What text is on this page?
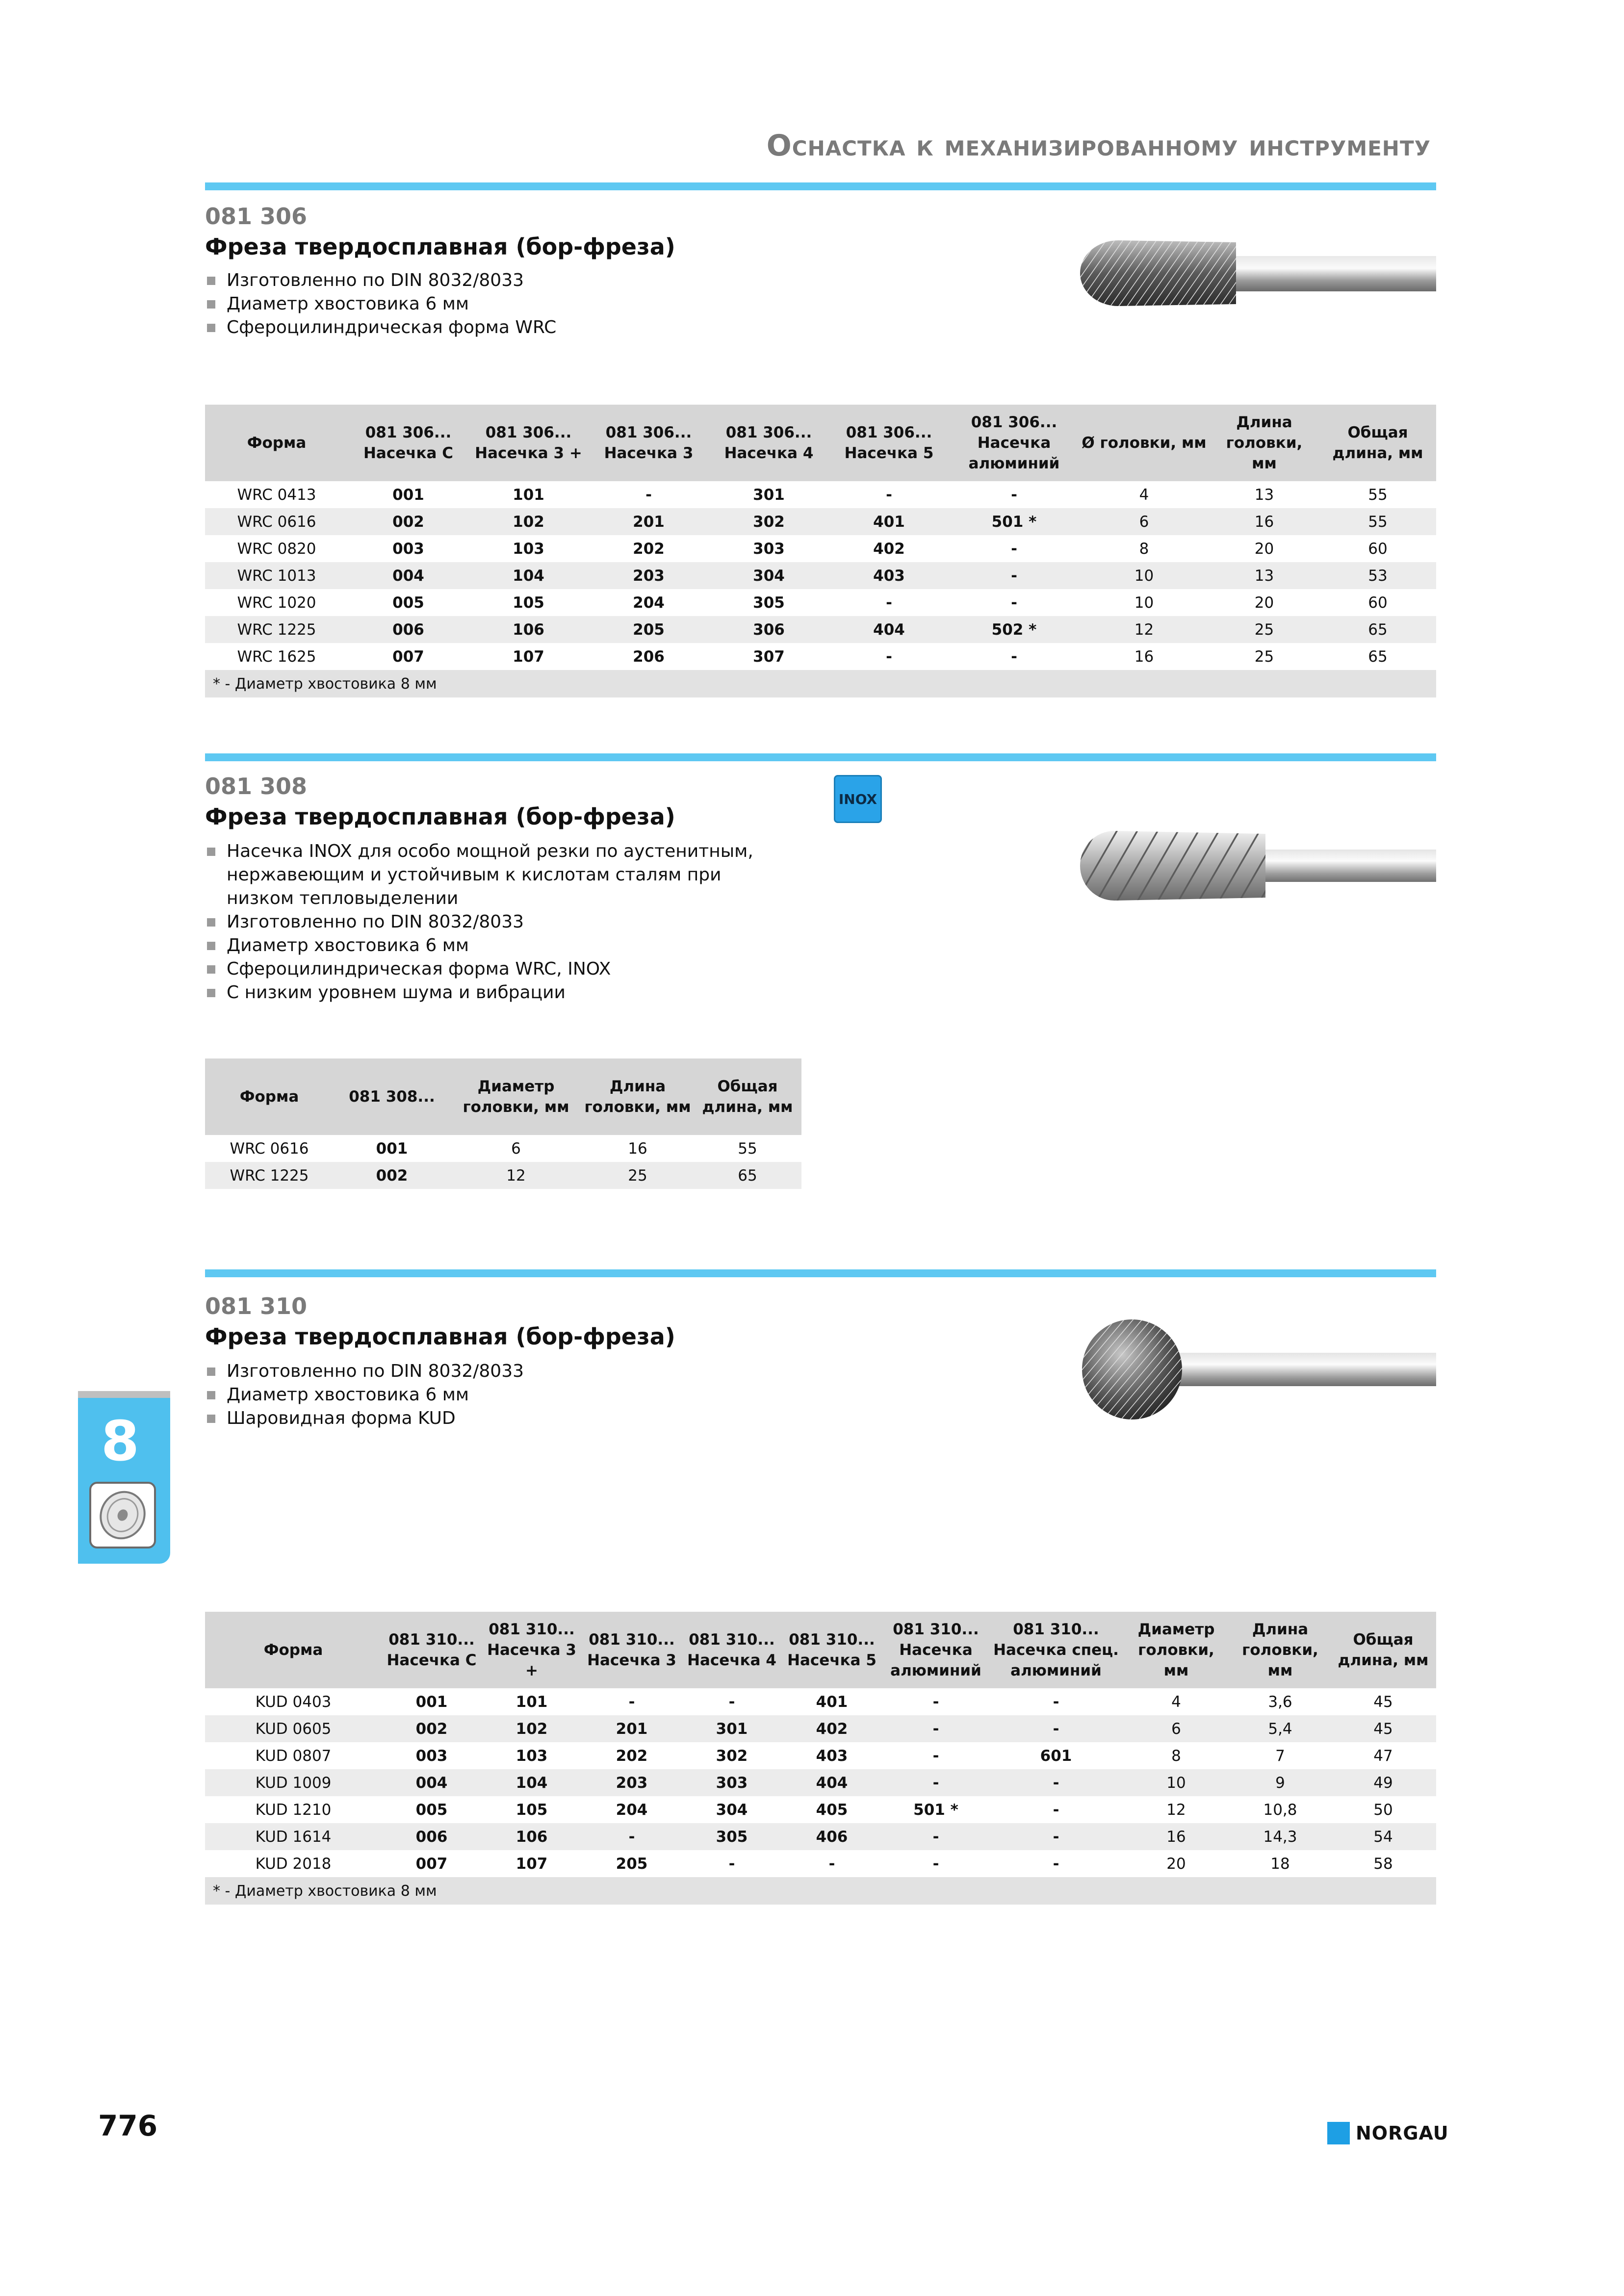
Оснастка к механизированному инструменту
081 306
Фреза твердосплавная (бор-фреза)
Изготовленно по DIN 8032/8033
Диаметр хвостовика 6 мм
Сфероцилиндрическая форма WRC
Форма	081 306... Насечка С	081 306... Насечка 3 +	081 306... Насечка 3	081 306... Насечка 4	081 306... Насечка 5	081 306... Насечка алюминий	Ø головки, мм	Длина головки, мм	Общая длина, мм
WRC 0413	001	101	-	301	-	-	4	13	55
WRC 0616	002	102	201	302	401	501 *	6	16	55
WRC 0820	003	103	202	303	402	-	8	20	60
WRC 1013	004	104	203	304	403	-	10	13	53
WRC 1020	005	105	204	305	-	-	10	20	60
WRC 1225	006	106	205	306	404	502 *	12	25	65
WRC 1625	007	107	206	307	-	-	16	25	65
* - Диаметр хвостовика 8 мм									
081 308
Фреза твердосплавная (бор-фреза)
INOX
Насечка INOX для особо мощной резки по аустенитным, нержавеющим и устойчивым к кислотам сталям при низком тепловыделении
Изготовленно по DIN 8032/8033
Диаметр хвостовика 6 мм
Сфероцилиндрическая форма WRC, INOX
С низким уровнем шума и вибрации
Форма	081 308...	Диаметр головки, мм	Длина головки, мм	Общая длина, мм
WRC 0616	001	6	16	55
WRC 1225	002	12	25	65
081 310
Фреза твердосплавная (бор-фреза)
Изготовленно по DIN 8032/8033
Диаметр хвостовика 6 мм
Шаровидная форма KUD
Форма	081 310... Насечка С	081 310... Насечка 3 +	081 310... Насечка 3	081 310... Насечка 4	081 310... Насечка 5	081 310... Насечка алюминий	081 310... Насечка спец. алюминий	Диаметр головки, мм	Длина головки, мм	Общая длина, мм
KUD 0403	001	101	-	-	401	-	-	4	3,6	45
KUD 0605	002	102	201	301	402	-	-	6	5,4	45
KUD 0807	003	103	202	302	403	-	601	8	7	47
KUD 1009	004	104	203	303	404	-	-	10	9	49
KUD 1210	005	105	204	304	405	501 *	-	12	10,8	50
KUD 1614	006	106	-	305	406	-	-	16	14,3	54
KUD 2018	007	107	205	-	-	-	-	20	18	58
* - Диаметр хвостовика 8 мм										
8
776	NORGAU
